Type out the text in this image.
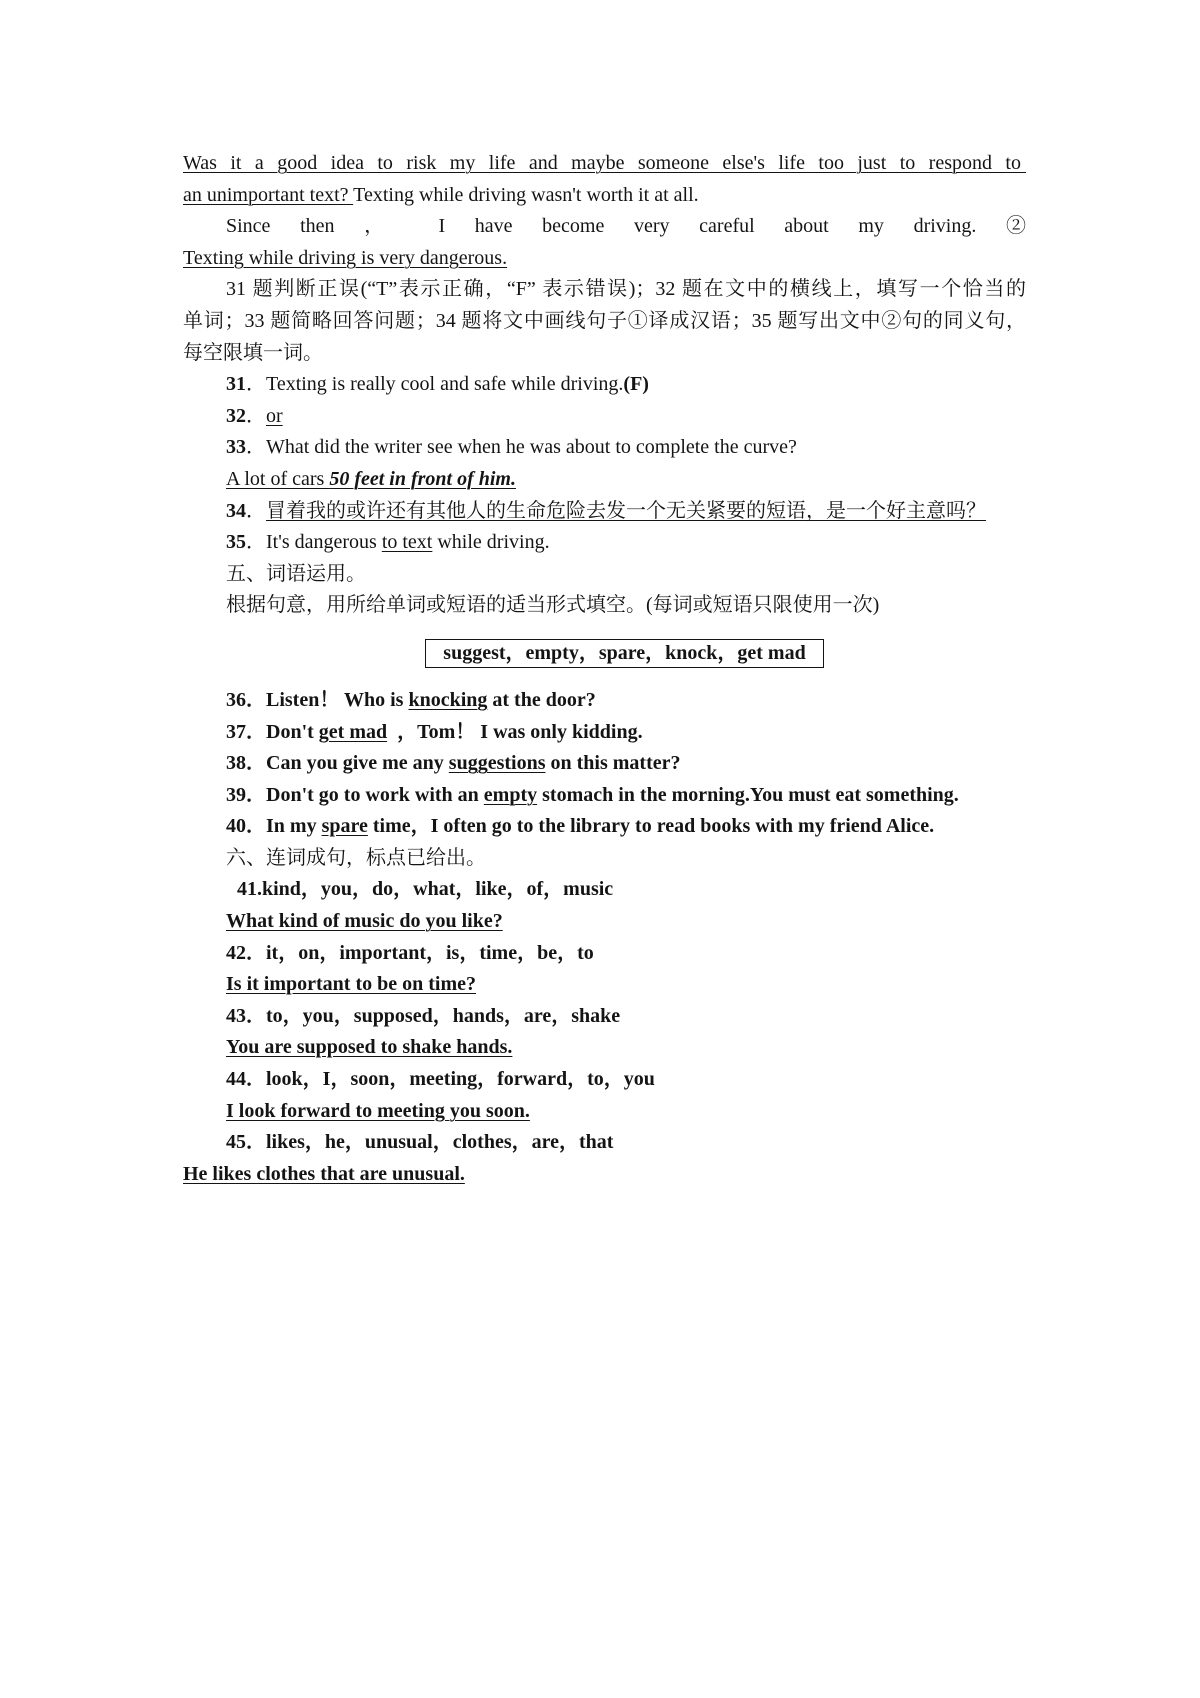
Was it a good idea to risk my life and maybe someone else's life too just to respond to
an unimportant text? Texting while driving wasn't worth it at all.
Since then ， I have become very careful about my driving. ②
Texting while driving is very dangerous.
31 题判断正误(“T”表示正确，“F” 表示错误)；32 题在文中的横线上，填写一个恰当的
单词；33 题简略回答问题；34 题将文中画线句子①译成汉语；35 题写出文中②句的同义句，
每空限填一词。
31．Texting is really cool and safe while driving.(F)
32．or
33．What did the writer see when he was about to complete the curve?
A lot of cars 50 feet in front of him.
34．冒着我的或许还有其他人的生命危险去发一个无关紧要的短语，是一个好主意吗？
35．It's dangerous to text while driving.
五、词语运用。
根据句意，用所给单词或短语的适当形式填空。(每词或短语只限使用一次)
suggest，empty，spare，knock，get mad
36．Listen！ Who is knocking at the door?
37．Don't get mad  ，Tom！ I was only kidding.
38．Can you give me any suggestions on this matter?
39．Don't go to work with an empty stomach in the morning.You must eat something.
40．In my spare time，I often go to the library to read books with my friend Alice.
六、连词成句，标点已给出。
41.kind，you，do，what，like，of，music
What kind of music do you like?
42．it，on，important，is，time，be，to
Is it important to be on time?
43．to，you，supposed，hands，are，shake
You are supposed to shake hands.
44．look，I，soon，meeting，forward，to，you
I look forward to meeting you soon.
45．likes，he，unusual，clothes，are，that
He likes clothes that are unusual.
